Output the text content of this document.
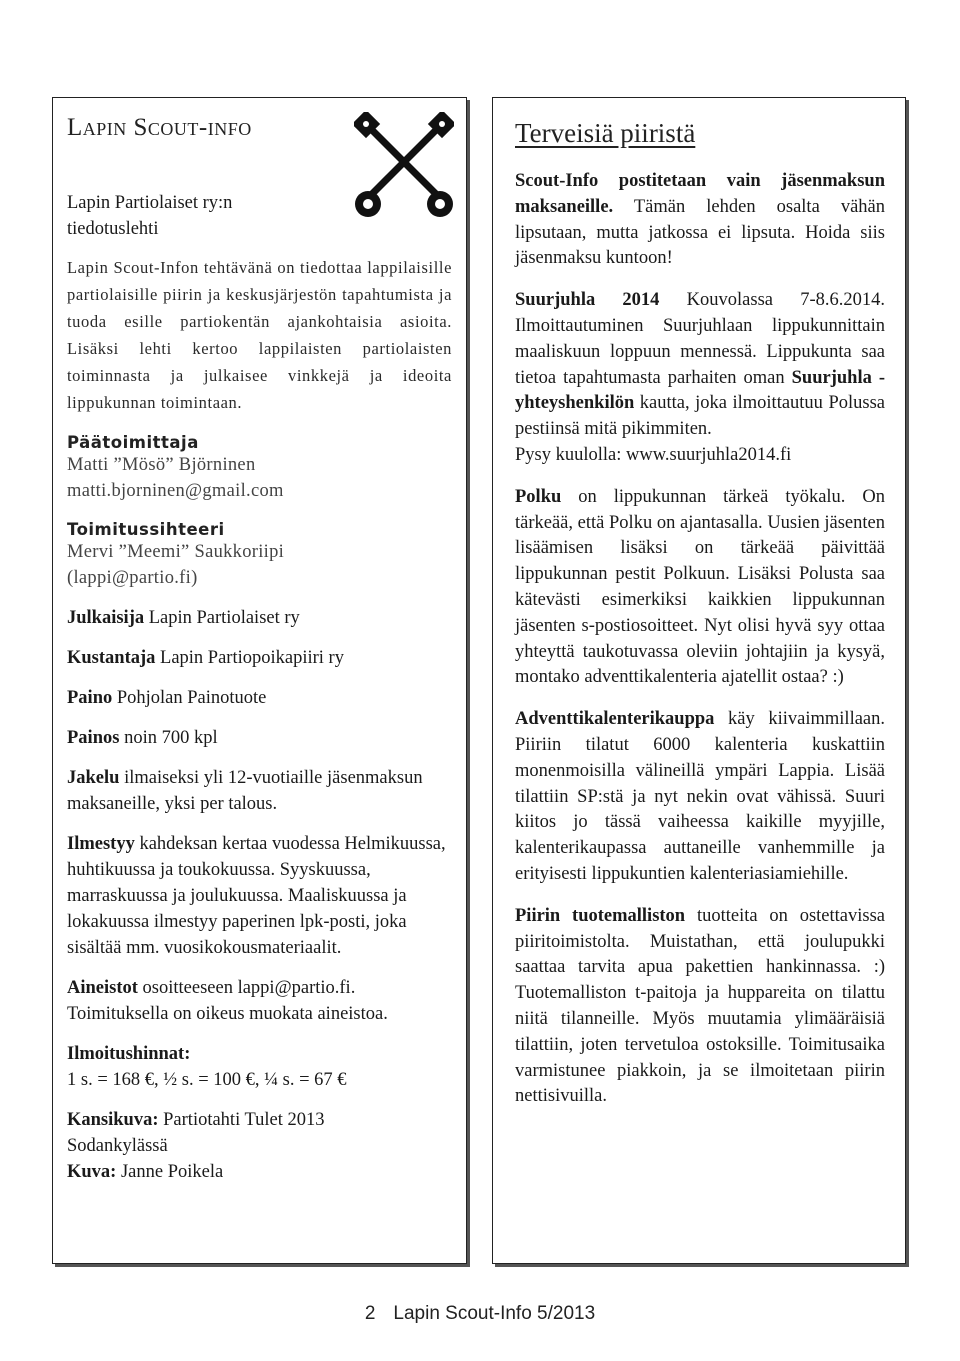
Lapin Scout-info

Lapin Partiolaiset ry:n
tiedotuslehti

Lapin Scout-Infon tehtävänä on tiedottaa lappilaisille partiolaisille piirin ja keskusjärjestön tapahtumista ja tuoda esille partiokentän ajankohtaisia asioita. Lisäksi lehti kertoo lappilaisten partiolaisten toiminnasta ja julkaisee vinkkejä ja ideoita lippukunnan toimintaan.

Päätoimittaja

Matti ”Mösö” Björninen

matti.bjorninen@gmail.com

Toimitussihteeri

Mervi ”Meemi” Saukkoriipi

(lappi@partio.fi)

Julkaisija Lapin Partiolaiset ry

Kustantaja Lapin Partiopoikapiiri ry

Paino Pohjolan Painotuote

Painos noin 700 kpl

Jakelu ilmaiseksi yli 12-vuotiaille jäsenmaksun maksaneille, yksi per talous.

Ilmestyy kahdeksan kertaa vuodessa Helmikuussa, huhtikuussa ja toukokuussa. Syyskuussa, marraskuussa ja joulukuussa. Maaliskuussa ja lokakuussa ilmestyy paperinen lpk-posti, joka sisältää mm. vuosikokousmateriaalit.

Aineistot osoitteeseen lappi@partio.fi.
Toimituksella on oikeus muokata aineistoa.

Ilmoitushinnat:
1 s. = 168 €, ½ s. = 100 €, ¼ s. = 67 €

Kansikuva: Partiotahti Tulet 2013
Sodankylässä
Kuva: Janne Poikela

Terveisiä piiristä

Scout-Info postitetaan vain jäsenmaksun maksaneille. Tämän lehden osalta vähän lipsutaan, mutta jatkossa ei lipsuta. Hoida siis jäsenmaksu kuntoon!

Suurjuhla 2014 Kouvolassa 7-8.6.2014. Ilmoittautuminen Suurjuhlaan lippukunnittain maaliskuun loppuun mennessä. Lippukunta saa tietoa tapahtumasta parhaiten oman Suurjuhla -yhteyshenkilön kautta, joka ilmoittautuu Polussa pestiinsä mitä pikimmiten.
Pysy kuulolla: www.suurjuhla2014.fi

Polku on lippukunnan tärkeä työkalu. On tärkeää, että Polku on ajantasalla. Uusien jäsenten lisäämisen lisäksi on tärkeää päivittää lippukunnan pestit Polkuun. Lisäksi Polusta saa kätevästi esimerkiksi kaikkien lippukunnan jäsenten s-postiosoitteet. Nyt olisi hyvä syy ottaa yhteyttä taukotuvassa oleviin johtajiin ja kysyä, montako adventtikalenteria ajatellit ostaa? :)

Adventtikalenterikauppa käy kiivaimmillaan. Piiriin tilatut 6000 kalenteria kuskattiin monenmoisilla välineillä ympäri Lappia. Lisää tilattiin SP:stä ja nyt nekin ovat vähissä. Suuri kiitos jo tässä vaiheessa kaikille myyjille, kalenterikaupassa auttaneille vanhemmille ja erityisesti lippukuntien kalenteriasiamiehille.

Piirin tuotemalliston tuotteita on ostettavissa piiritoimistolta. Muistathan, että joulupukki saattaa tarvita apua pakettien hankinnassa. :) Tuotemalliston t-paitoja ja huppareita on tilattu niitä tilanneille. Myös muutamia ylimääräisiä tilattiin, joten tervetuloa ostoksille. Toimitusaika varmistunee piakkoin, ja se ilmoitetaan piirin nettisivuilla.

2 Lapin Scout-Info 5/2013
